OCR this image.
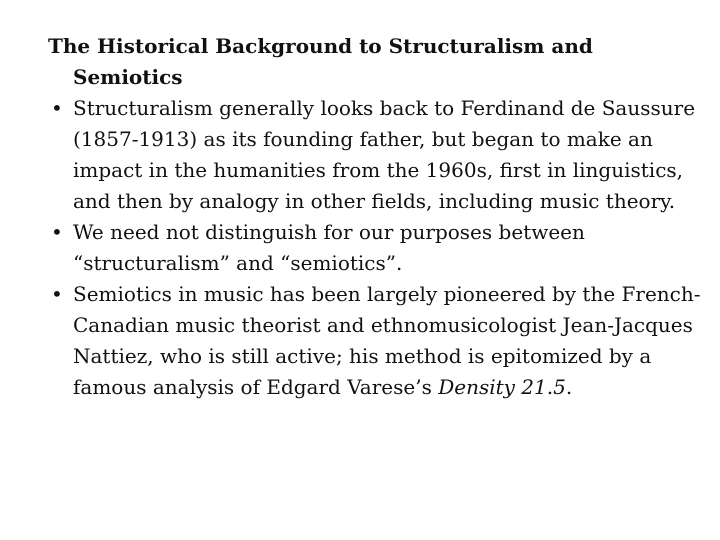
The Historical Background to Structuralism and Semiotics

• Structuralism generally looks back to Ferdinand de Saussure (1857-1913) as its founding father, but began to make an impact in the humanities from the 1960s, first in linguistics, and then by analogy in other fields, including music theory.
• We need not distinguish for our purposes between “structuralism” and “semiotics”.
• Semiotics in music has been largely pioneered by the French-Canadian music theorist and ethnomusicologist Jean-Jacques Nattiez, who is still active; his method is epitomized by a famous analysis of Edgard Varese’s Density 21.5.
